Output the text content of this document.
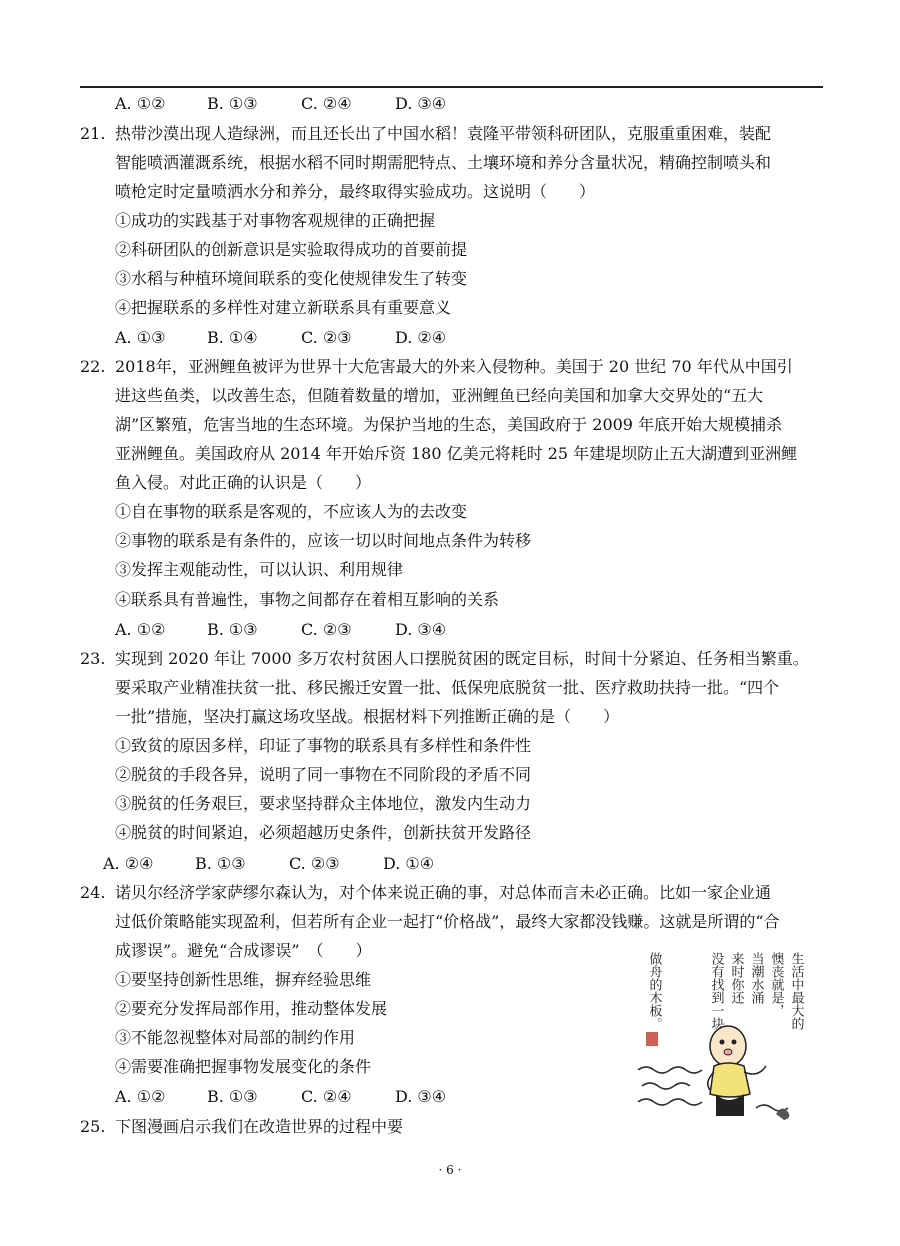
A. ①②	B. ①③	C. ②④	D. ③④
21. 热带沙漠出现人造绿洲，而且还长出了中国水稻！袁隆平带领科研团队，克服重重困难，装配
智能喷洒灌溉系统，根据水稻不同时期需肥特点、土壤环境和养分含量状况，精确控制喷头和
喷枪定时定量喷洒水分和养分，最终取得实验成功。这说明（　　）
①成功的实践基于对事物客观规律的正确把握
②科研团队的创新意识是实验取得成功的首要前提
③水稻与种植环境间联系的变化使规律发生了转变
④把握联系的多样性对建立新联系具有重要意义
A. ①③	B. ①④	C. ②③	D. ②④
22. 2018年，亚洲鲤鱼被评为世界十大危害最大的外来入侵物种。美国于 20 世纪 70 年代从中国引
进这些鱼类，以改善生态，但随着数量的增加，亚洲鲤鱼已经向美国和加拿大交界处的“五大
湖”区繁殖，危害当地的生态环境。为保护当地的生态，美国政府于 2009 年底开始大规模捕杀
亚洲鲤鱼。美国政府从 2014 年开始斥资 180 亿美元将耗时 25 年建堤坝防止五大湖遭到亚洲鲤
鱼入侵。对此正确的认识是（　　）
①自在事物的联系是客观的，不应该人为的去改变
②事物的联系是有条件的，应该一切以时间地点条件为转移
③发挥主观能动性，可以认识、利用规律
④联系具有普遍性，事物之间都存在着相互影响的关系
A. ①②	B. ①③	C. ②③	D. ③④
23. 实现到 2020 年让 7000 多万农村贫困人口摆脱贫困的既定目标，时间十分紧迫、任务相当繁重。
要采取产业精准扶贫一批、移民搬迁安置一批、低保兜底脱贫一批、医疗救助扶持一批。“四个
一批”措施，坚决打赢这场攻坚战。根据材料下列推断正确的是（　　）
①致贫的原因多样，印证了事物的联系具有多样性和条件性
②脱贫的手段各异，说明了同一事物在不同阶段的矛盾不同
③脱贫的任务艰巨，要求坚持群众主体地位，激发内生动力
④脱贫的时间紧迫，必须超越历史条件，创新扶贫开发路径
A. ②④	B. ①③	C. ②③	D. ①④
24. 诺贝尔经济学家萨缪尔森认为，对个体来说正确的事，对总体而言未必正确。比如一家企业通
过低价策略能实现盈利，但若所有企业一起打“价格战”，最终大家都没钱赚。这就是所谓的“合
成谬误”。避免“合成谬误”　（　　）
①要坚持创新性思维，摒弃经验思维
②要充分发挥局部作用，推动整体发展
③不能忽视整体对局部的制约作用
④需要准确把握事物发展变化的条件
A. ①②	B. ①③	C. ②④	D. ③④
25. 下图漫画启示我们在改造世界的过程中要
生活中最大的
懊丧就是，
当潮水涌
来时你还
没有找到一块
做舟的木板。
· 6 ·
